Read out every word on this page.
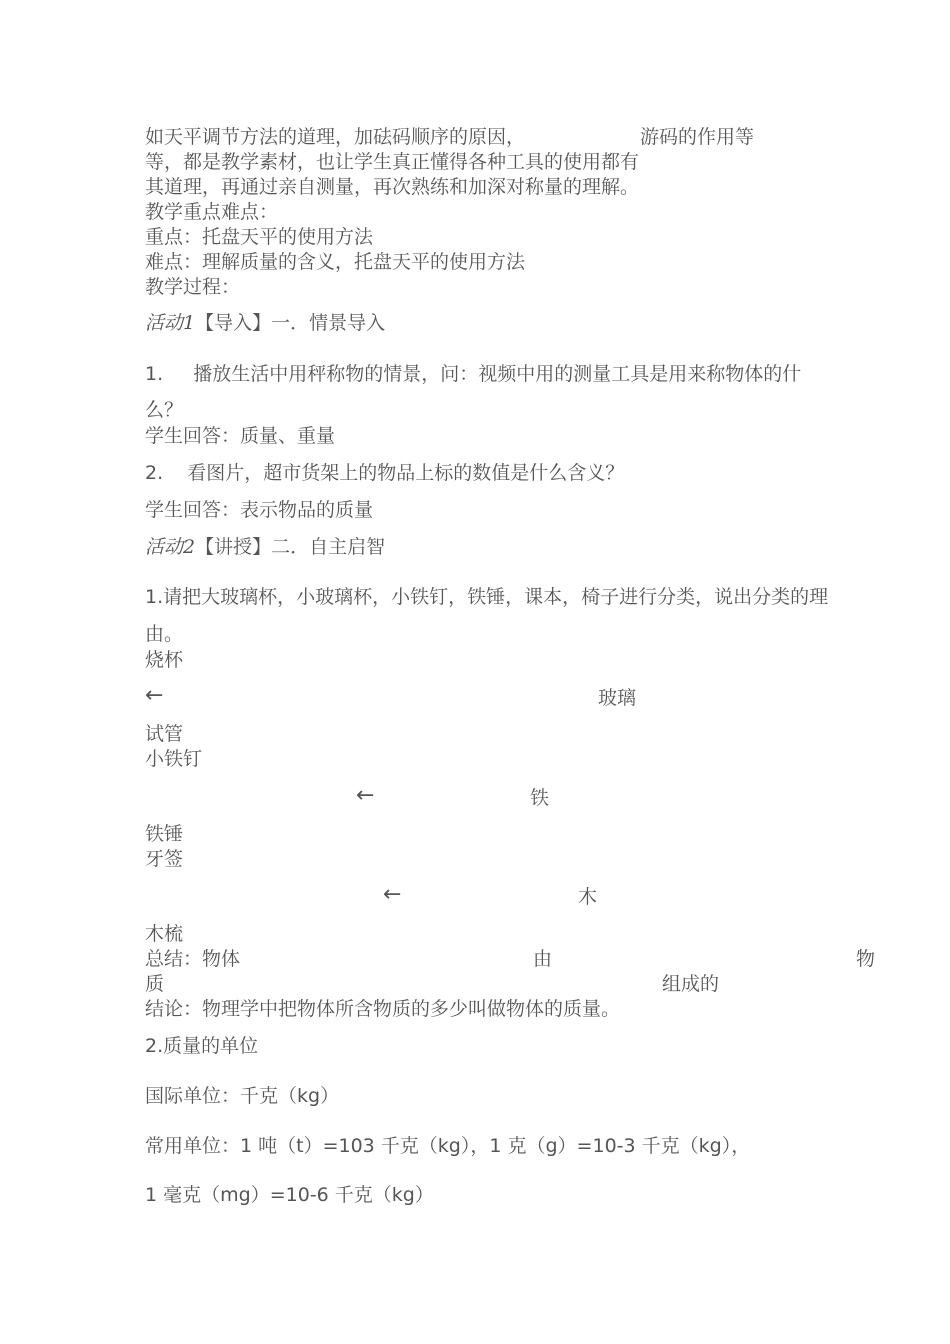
如天平调节方法的道理，加砝码顺序的原因，	游码的作用等
等，都是教学素材，也让学生真正懂得各种工具的使用都有
其道理，再通过亲自测量，再次熟练和加深对称量的理解。
教学重点难点：
重点：托盘天平的使用方法
难点：理解质量的含义，托盘天平的使用方法
教学过程：
活动1【导入】一．情景导入
1. 播放生活中用秤称物的情景，问：视频中用的测量工具是用来称物体的什
么？
学生回答：质量、重量
2. 看图片，超市货架上的物品上标的数值是什么含义？
学生回答：表示物品的质量
活动2【讲授】二．自主启智
1.请把大玻璃杯，小玻璃杯，小铁钉，铁锤，课本，椅子进行分类，说出分类的理
由。
烧杯
←	玻璃
试管
小铁钉
←	铁
铁锤
牙签
←	木
木梳
总结：物体	由	物
质	组成的
结论：物理学中把物体所含物质的多少叫做物体的质量。
2.质量的单位
国际单位：千克（kg）
常用单位：1 吨（t）=103 千克（kg），1 克（g）=10-3 千克（kg），
1 毫克（mg）=10-6 千克（kg）
